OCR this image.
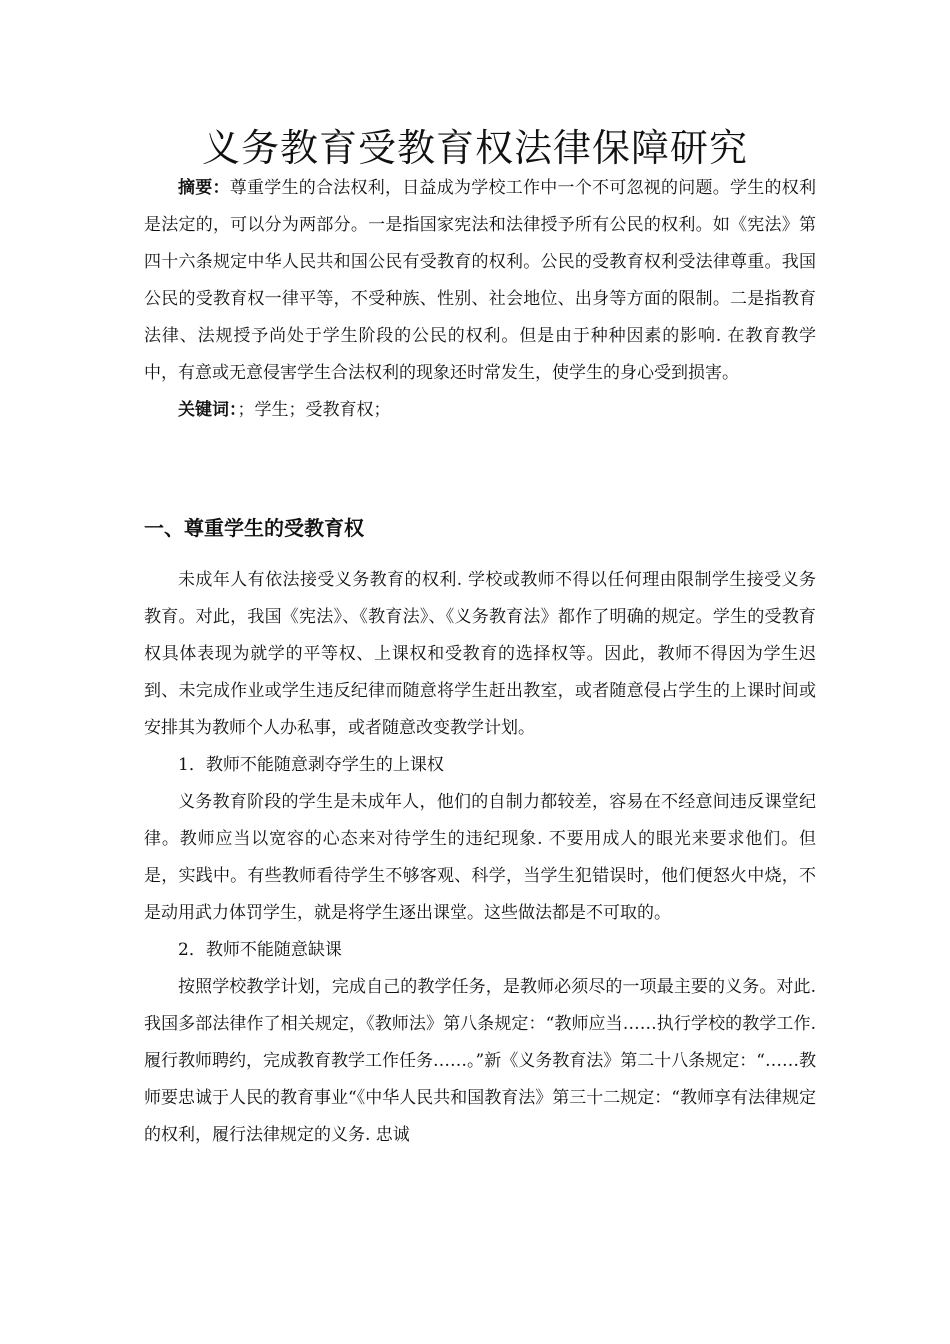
义务教育受教育权法律保障研究

摘要：尊重学生的合法权利，日益成为学校工作中一个不可忽视的问题。学生的权利是法定的，可以分为两部分。一是指国家宪法和法律授予所有公民的权利。如《宪法》第四十六条规定中华人民共和国公民有受教育的权利。公民的受教育权利受法律尊重。我国公民的受教育权一律平等，不受种族、性别、社会地位、出身等方面的限制。二是指教育法律、法规授予尚处于学生阶段的公民的权利。但是由于种种因素的影响. 在教育教学中，有意或无意侵害学生合法权利的现象还时常发生，使学生的身心受到损害。

关键词：；学生；受教育权；

一、尊重学生的受教育权

未成年人有依法接受义务教育的权利. 学校或教师不得以任何理由限制学生接受义务教育。对此，我国《宪法》、《教育法》、《义务教育法》都作了明确的规定。学生的受教育权具体表现为就学的平等权、上课权和受教育的选择权等。因此，教师不得因为学生迟到、未完成作业或学生违反纪律而随意将学生赶出教室，或者随意侵占学生的上课时间或安排其为教师个人办私事，或者随意改变教学计划。

1．教师不能随意剥夺学生的上课权

义务教育阶段的学生是未成年人，他们的自制力都较差，容易在不经意间违反课堂纪律。教师应当以宽容的心态来对待学生的违纪现象. 不要用成人的眼光来要求他们。但是，实践中。有些教师看待学生不够客观、科学，当学生犯错误时，他们便怒火中烧，不是动用武力体罚学生，就是将学生逐出课堂。这些做法都是不可取的。

2．教师不能随意缺课

按照学校教学计划，完成自己的教学任务，是教师必须尽的一项最主要的义务。对此. 我国多部法律作了相关规定，《教师法》第八条规定：“教师应当……执行学校的教学工作. 履行教师聘约，完成教育教学工作任务……。”新《义务教育法》第二十八条规定：“……教师要忠诚于人民的教育事业“《中华人民共和国教育法》第三十二规定：“教师享有法律规定的权利，履行法律规定的义务. 忠诚
